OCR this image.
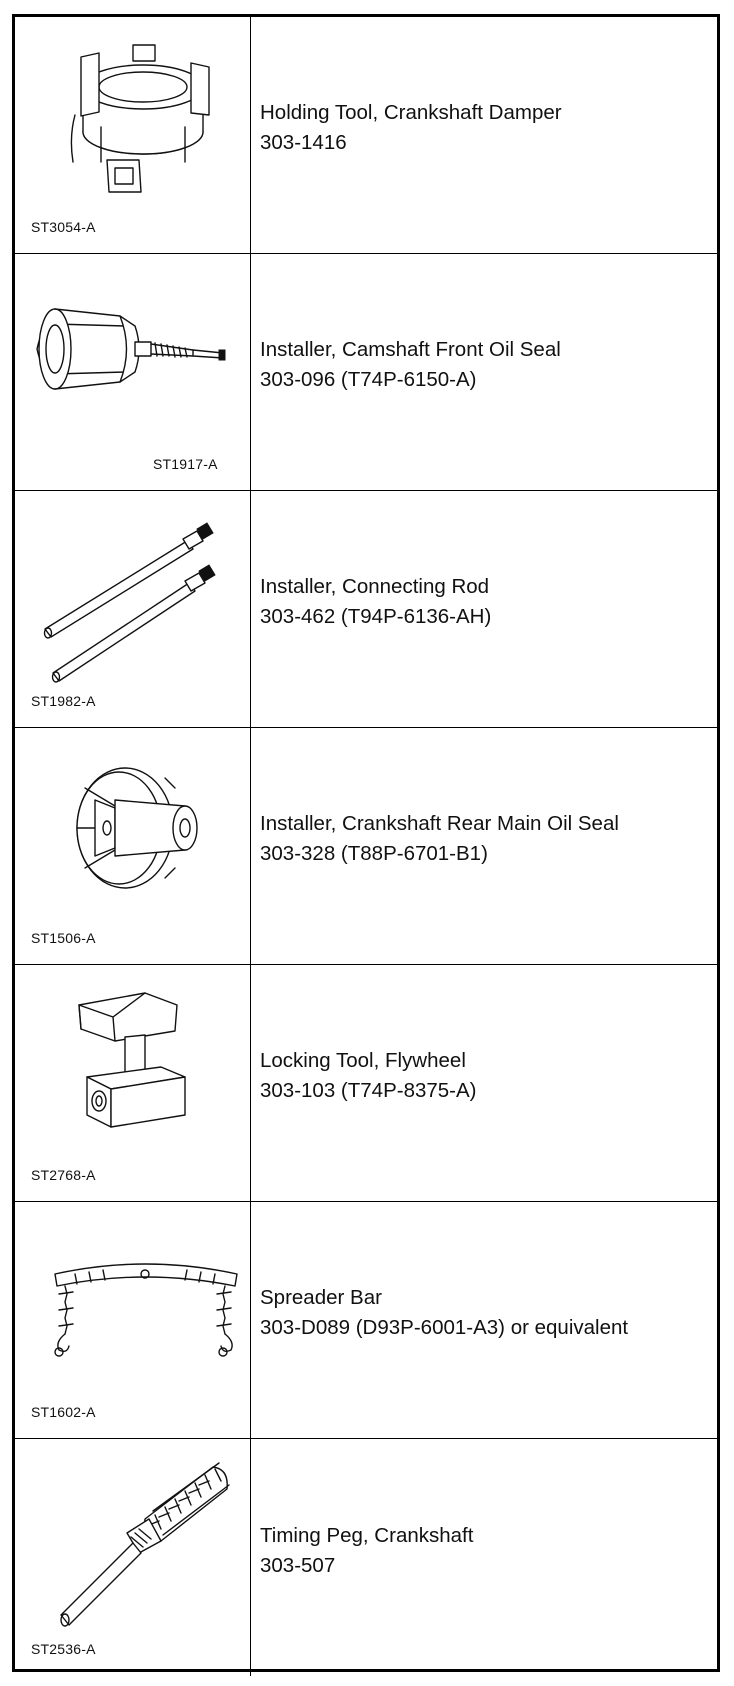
ST3054-A
Holding Tool, Crankshaft Damper
303-1416
ST1917-A
Installer, Camshaft Front Oil Seal
303-096 (T74P-6150-A)
ST1982-A
Installer, Connecting Rod
303-462 (T94P-6136-AH)
ST1506-A
Installer, Crankshaft Rear Main Oil Seal
303-328 (T88P-6701-B1)
ST2768-A
Locking Tool, Flywheel
303-103 (T74P-8375-A)
ST1602-A
Spreader Bar
303-D089 (D93P-6001-A3) or equivalent
ST2536-A
Timing Peg, Crankshaft
303-507
